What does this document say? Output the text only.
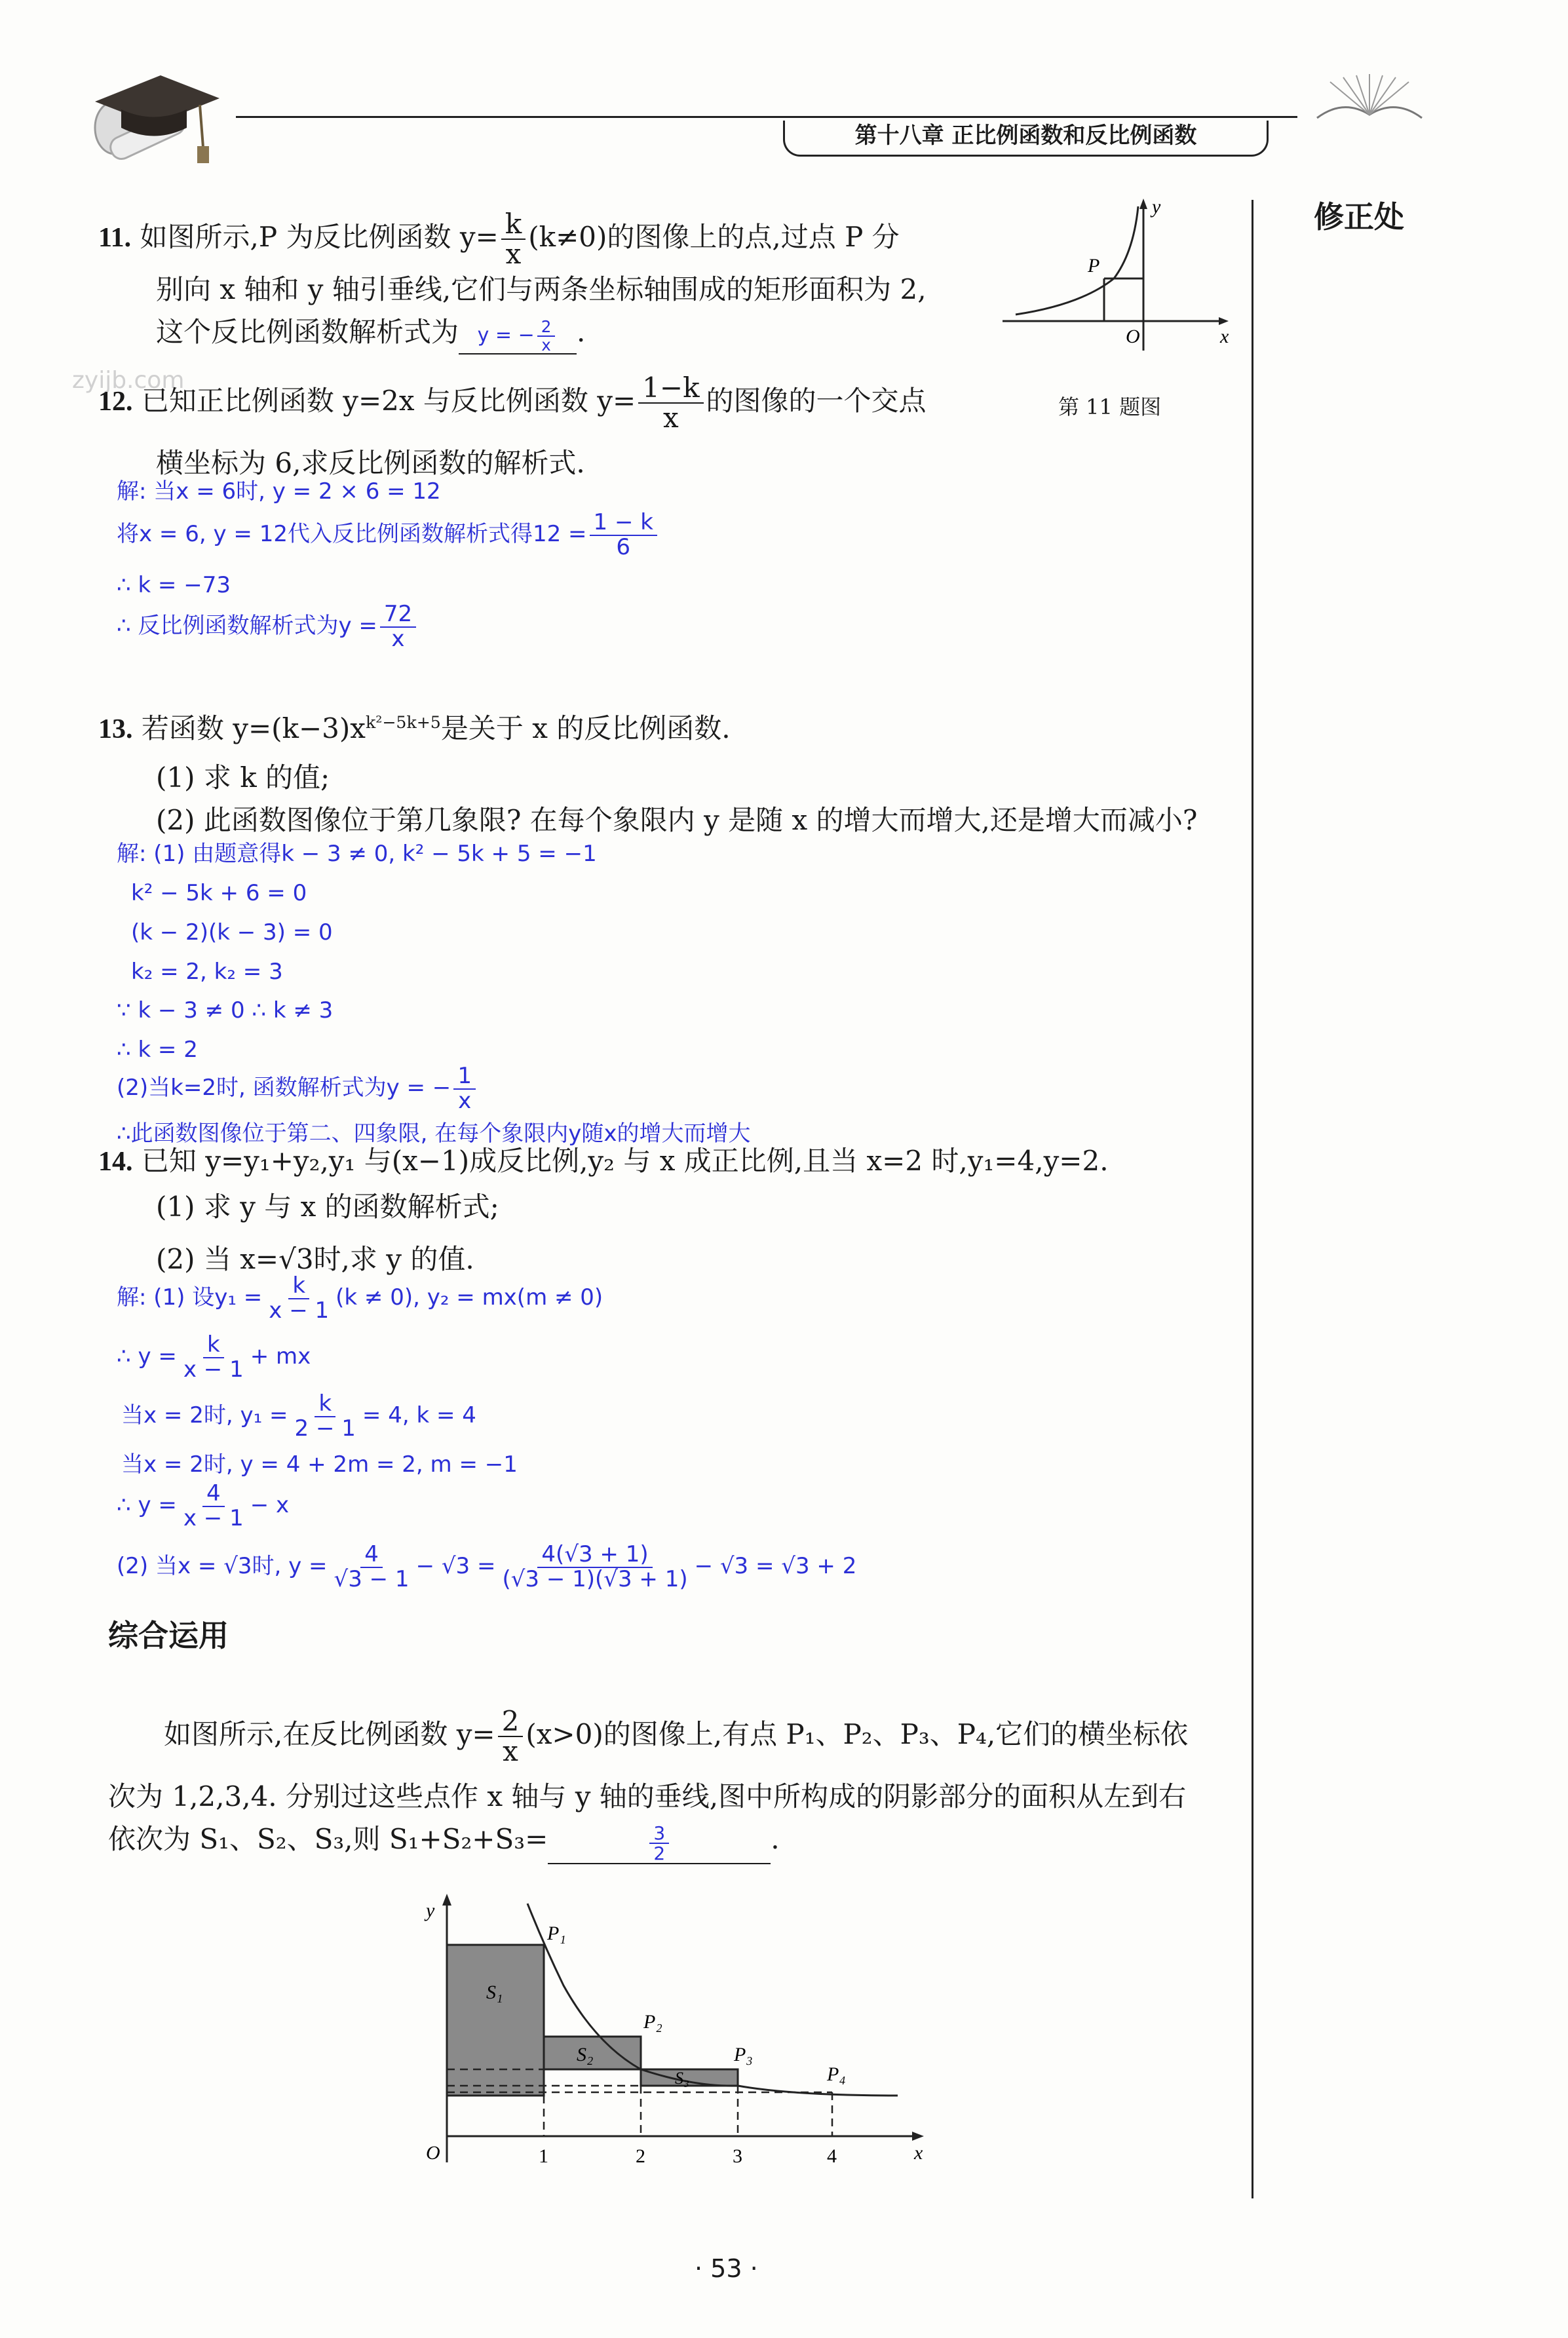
第十八章 正比例函数和反比例函数
修正处
zyijb.com
11. 如图所示,P 为反比例函数 $y= \frac{k}{x} (k\ne 0)$的图像上的点,过点 P 分
别向 x 轴和 y 轴引垂线,它们与两条坐标轴围成的矩形面积为 2,
这个反比例函数解析式为 y = − $\frac{2}{x}$ .
P
O	x
y
第 11 题图
12. 已知正比例函数 y=2x 与反比例函数 $y= \frac{1-k}{x}$ 的图像的一个交点
横坐标为 6,求反比例函数的解析式.
解: 当x = 6时, y = 2 × 6 = 12
将x = 6, y = 12代入反比例函数解析式得$12 = \frac{1 - k}{6}$
∴ k = −73
∴ 反比例函数解析式为$y = \frac{72}{x}$
13. 若函数 $y=(k-3)x^{k^2-5k+5}$是关于 x 的反比例函数.
(1) 求 k 的值;
(2) 此函数图像位于第几象限? 在每个象限内 y 是随 x 的增大而增大,还是增大而减小?
解: (1) 由题意得k − 3 ≠ 0, k² − 5k + 5 = −1
k² − 5k + 6 = 0
(k − 2)(k − 3) = 0
k₂ = 2, k₂ = 3
∵ k − 3 ≠ 0 ∴ k ≠ 3
∴ k = 2
(2)当k=2时, 函数解析式为y = − $\frac{1}{x}$
∴此函数图像位于第二、四象限, 在每个象限内y随x的增大而增大
14. 已知 y=y₁+y₂,y₁ 与(x−1)成反比例,y₂ 与 x 成正比例,且当 x=2 时,y₁=4,y=2.
(1) 求 y 与 x 的函数解析式;
(2) 当 x=√3时,求 y 的值.
解: (1) 设$y_1 = \frac{k}{x - 1} (k \ne 0)$, y₂ = mx(m ≠ 0)
∴ $y = \frac{k}{x - 1}$ + mx
当x = 2时, $y_1 = \frac{k}{2 - 1} = 4$, k = 4
当x = 2时, y = 4 + 2m = 2, m = −1
∴ $y = \frac{4}{x - 1} - x$
(2) 当x = √3时, $y = \frac{4}{√3 - 1} - √3 = \frac{4(√3 + 1)}{(√3 - 1)(√3 + 1)} - √3 = √3 + 2$
综合运用
如图所示,在反比例函数 $y= \frac{2}{x} (x>0)$的图像上,有点 P₁、P₂、P₃、P₄,它们的横坐标依
次为 1,2,3,4. 分别过这些点作 x 轴与 y 轴的垂线,图中所构成的阴影部分的面积从左到右
依次为 S₁、S₂、S₃,则 S₁+S₂+S₃=	$\frac{3}{2}$	.
y
x
O
P₁
P₂
P₃
P₄
S₁
S₂
S₃
1	2	3	4
· 53 ·
